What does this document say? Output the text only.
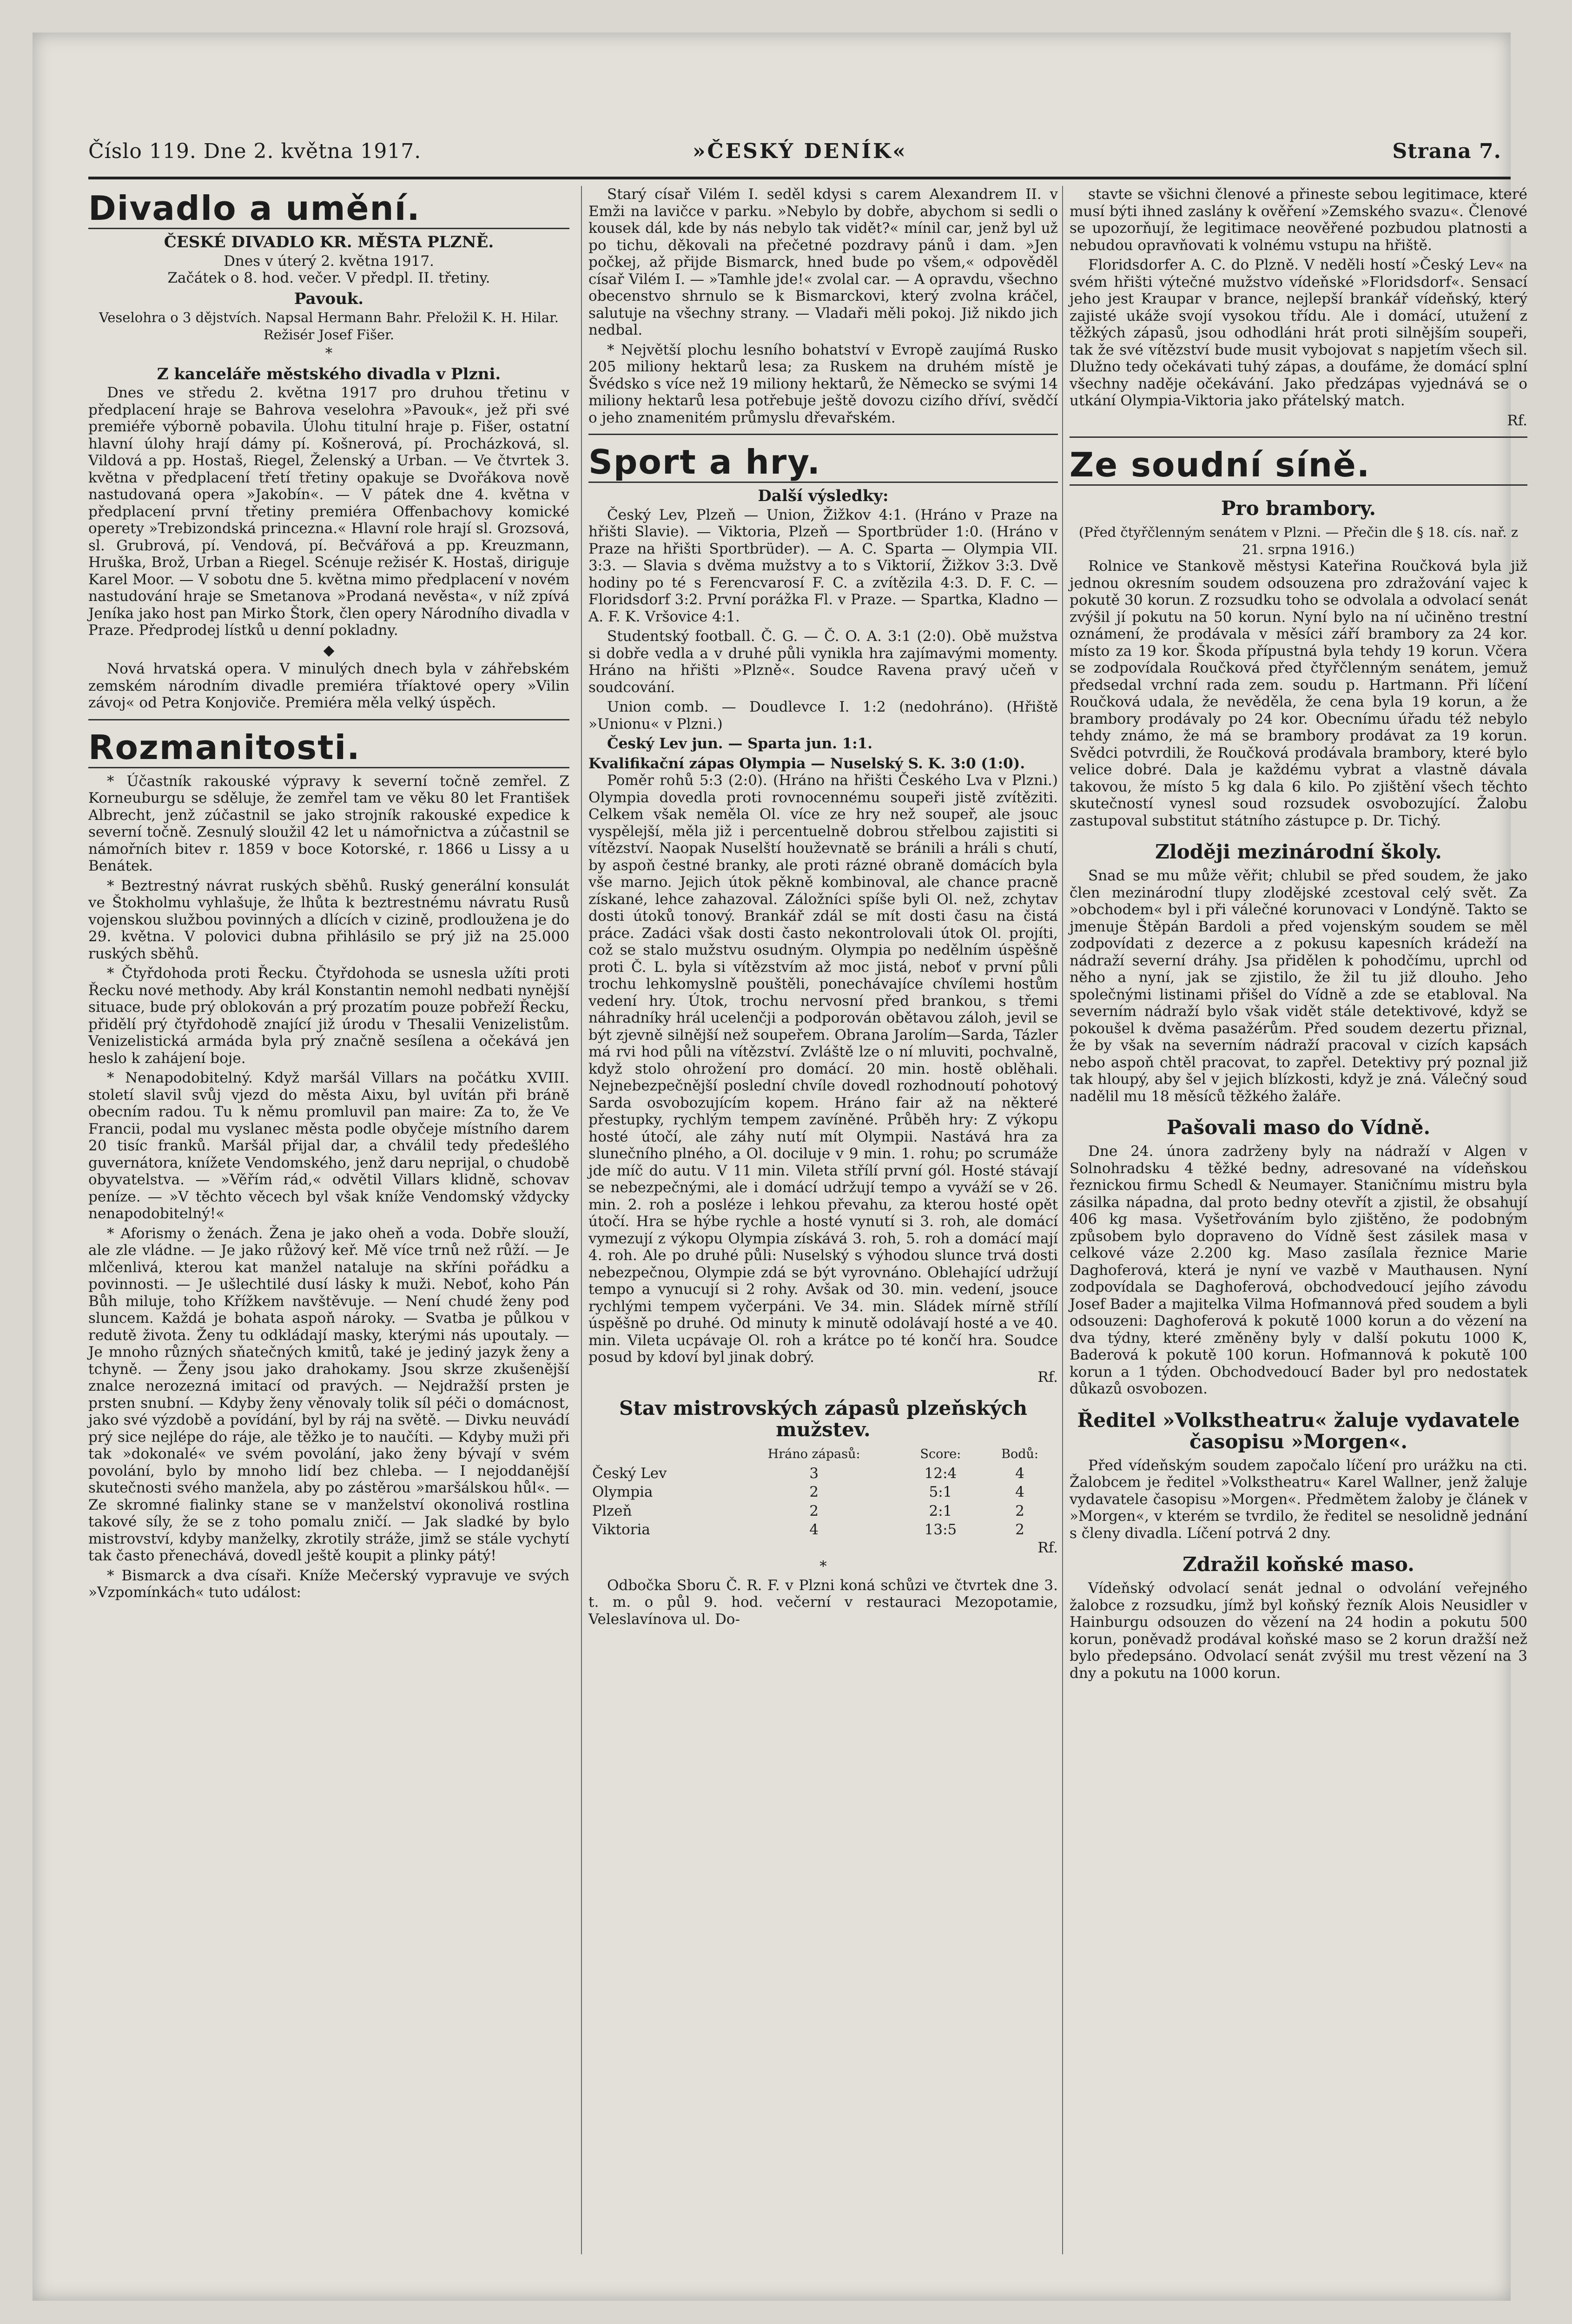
Číslo 119. Dne 2. května 1917.	»ČESKÝ DENÍK«	Strana 7.
Divadlo a umění.
ČESKÉ DIVADLO KR. MĚSTA PLZNĚ.
Dnes v úterý 2. května 1917.
Začátek o 8. hod. večer. V předpl. II. třetiny.
Pavouk.
Veselohra o 3 dějstvích. Napsal Hermann Bahr. Přeložil K. H. Hilar. Režisér Josef Fišer.
*
Z kanceláře městského divadla v Plzni.

Dnes ve středu 2. května 1917 pro druhou třetinu v předplacení hraje se Bahrova veselohra »Pavouk«, jež při své premiéře výborně pobavila. Úlohu titulní hraje p. Fišer, ostatní hlavní úlohy hrají dámy pí. Košnerová, pí. Procházková, sl. Vildová a pp. Hostaš, Riegel, Želenský a Urban. — Ve čtvrtek 3. května v předplacení třetí třetiny opakuje se Dvořákova nově nastudovaná opera »Jakobín«. — V pátek dne 4. května v předplacení první třetiny premiéra Offenbachovy komické operety »Trebizondská princezna.« Hlavní role hrají sl. Grozsová, sl. Grubrová, pí. Vendová, pí. Bečvářová a pp. Kreuzmann, Hruška, Brož, Urban a Riegel. Scénuje režisér K. Hostaš, diriguje Karel Moor. — V sobotu dne 5. května mimo předplacení v novém nastudování hraje se Smetanova »Prodaná nevěsta«, v níž zpívá Jeníka jako host pan Mirko Štork, člen opery Národního divadla v Praze. Předprodej lístků u denní pokladny.

◆

Nová hrvatská opera. V minulých dnech byla v záhřebském zemském národním divadle premiéra tříaktové opery »Vilin závoj« od Petra Konjoviče. Premiéra měla velký úspěch.

Rozmanitosti.

* Účastník rakouské výpravy k severní točně zemřel. Z Korneuburgu se sděluje, že zemřel tam ve věku 80 let František Albrecht, jenž zúčastnil se jako strojník rakouské expedice k severní točně. Zesnulý sloužil 42 let u námořnictva a zúčastnil se námořních bitev r. 1859 v boce Kotorské, r. 1866 u Lissy a u Benátek.

* Beztrestný návrat ruských sběhů. Ruský generální konsulát ve Štokholmu vyhlašuje, že lhůta k beztrestnému návratu Rusů vojenskou službou povinných a dlících v cizině, prodloužena je do 29. května. V polovici dubna přihlásilo se prý již na 25.000 ruských sběhů.

* Čtyřdohoda proti Řecku. Čtyřdohoda se usnesla užíti proti Řecku nové methody. Aby král Konstantin nemohl nedbati nynější situace, bude prý oblokován a prý prozatím pouze pobřeží Řecku, přidělí prý čtyřdohodě znající již úrodu v Thesalii Venizelistům. Venizelistická armáda byla prý značně sesílena a očekává jen heslo k zahájení boje.

* Nenapodobitelný. Když maršál Villars na počátku XVIII. století slavil svůj vjezd do města Aixu, byl uvítán při bráně obecním radou. Tu k němu promluvil pan maire: Za to, že Ve Francii, podal mu vyslanec města podle obyčeje místního darem 20 tisíc franků. Maršál přijal dar, a chválil tedy předešlého guvernátora, knížete Vendomského, jenž daru neprijal, o chudobě obyvatelstva. — »Věřím rád,« odvětil Villars klidně, schovav peníze. — »V těchto věcech byl však kníže Vendomský vždycky nenapodobitelný!«

* Aforismy o ženách. Žena je jako oheň a voda. Dobře slouží, ale zle vládne. — Je jako růžový keř. Mě více trnů než růží. — Je mlčenlivá, kterou kat manžel nataluje na skříni pořádku a povinnosti. — Je ušlechtilé dusí lásky k muži. Neboť, koho Pán Bůh miluje, toho Křížkem navštěvuje. — Není chudé ženy pod sluncem. Každá je bohata aspoň nároky. — Svatba je půlkou v redutě života. Ženy tu odkládají masky, kterými nás upoutaly. — Je mnoho různých sňatečných kmitů, také je jediný jazyk ženy a tchyně. — Ženy jsou jako drahokamy. Jsou skrze zkušenější znalce nerozezná imitací od pravých. — Nejdražší prsten je prsten snubní. — Kdyby ženy věnovaly tolik síl péči o domácnost, jako své výzdobě a povídání, byl by ráj na světě. — Divku neuvádí prý sice nejlépe do ráje, ale těžko je to naučíti. — Kdyby muži při tak »dokonalé« ve svém povolání, jako ženy bývají v svém povolání, bylo by mnoho lidí bez chleba. — I nejoddanější skutečnosti svého manžela, aby po zástěrou »maršálskou hůl«. — Ze skromné fialinky stane se v manželství okonolivá rostlina takové síly, že se z toho pomalu zničí. — Jak sladké by bylo mistrovství, kdyby manželky, zkrotily stráže, jimž se stále vychytí tak často přenechává, dovedl ještě koupit a plinky pátý!

* Bismarck a dva císaři. Kníže Mečerský vypravuje ve svých »Vzpomínkách« tuto událost:

Starý císař Vilém I. seděl kdysi s carem Alexandrem II. v Emži na lavičce v parku. »Nebylo by dobře, abychom si sedli o kousek dál, kde by nás nebylo tak vidět?« mínil car, jenž byl už po tichu, děkovali na přečetné pozdravy pánů i dam. »Jen počkej, až přijde Bismarck, hned bude po všem,« odpověděl císař Vilém I. — »Tamhle jde!« zvolal car. — A opravdu, všechno obecenstvo shrnulo se k Bismarckovi, který zvolna kráčel, salutuje na všechny strany. — Vladaři měli pokoj. Již nikdo jich nedbal.

* Největší plochu lesního bohatství v Evropě zaujímá Rusko 205 miliony hektarů lesa; za Ruskem na druhém místě je Švédsko s více než 19 miliony hektarů, že Německo se svými 14 miliony hektarů lesa potřebuje ještě dovozu cizího dříví, svědčí o jeho znamenitém průmyslu dřevařském.

Sport a hry.
Další výsledky:

Český Lev, Plzeň — Union, Žižkov 4:1. (Hráno v Praze na hřišti Slavie). — Viktoria, Plzeň — Sportbrüder 1:0. (Hráno v Praze na hřišti Sportbrüder). — A. C. Sparta — Olympia VII. 3:3. — Slavia s dvěma mužstvy a to s Viktorií, Žižkov 3:3. Dvě hodiny po té s Ferencvarosí F. C. a zvítězila 4:3. D. F. C. — Floridsdorf 3:2. První porážka Fl. v Praze. — Spartka, Kladno — A. F. K. Vršovice 4:1.

Studentský football. Č. G. — Č. O. A. 3:1 (2:0). Obě mužstva si dobře vedla a v druhé půli vynikla hra zajímavými momenty. Hráno na hřišti »Plzně«. Soudce Ravena pravý učeň v soudcování.

Union comb. — Doudlevce I. 1:2 (nedohráno). (Hřiště »Unionu« v Plzni.)

Český Lev jun. — Sparta jun. 1:1.

Kvalifikační zápas Olympia — Nuselský S. K. 3:0 (1:0).

Poměr rohů 5:3 (2:0). (Hráno na hřišti Českého Lva v Plzni.) Olympia dovedla proti rovnocennému soupeři jistě zvítěziti. Celkem však neměla Ol. více ze hry než soupeř, ale jsouc vyspělejší, měla již i percentuelně dobrou střelbou zajistiti si vítězství. Naopak Nuselští houževnatě se bránili a hráli s chutí, by aspoň čestné branky, ale proti rázné obraně domácích byla vše marno. Jejich útok pěkně kombinoval, ale chance pracně získané, lehce zahazoval. Záložníci spíše byli Ol. než, zchytav dosti útoků tonový. Brankář zdál se mít dosti času na čistá práce. Zadáci však dosti často nekontrolovali útok Ol. projíti, což se stalo mužstvu osudným. Olympia po nedělním úspěšně proti Č. L. byla si vítězstvím až moc jistá, neboť v první půli trochu lehkomyslně pouštěli, ponechávajíce chvílemi hostům vedení hry. Útok, trochu nervosní před brankou, s třemi náhradníky hrál ucelenčji a podporován obětavou záloh, jevil se být zjevně silnější než soupeřem. Obrana Jarolím—Sarda, Tázler má rvi hod půli na vítězství. Zvláště lze o ní mluviti, pochvalně, když stolo ohrožení pro domácí. 20 min. hostě oblěhali. Nejnebezpečnější poslední chvíle dovedl rozhodnoutí pohotový Sarda osvobozujícím kopem. Hráno fair až na některé přestupky, rychlým tempem zavíněné. Průběh hry: Z výkopu hosté útočí, ale záhy nutí mít Olympii. Nastává hra za slunečního plného, a Ol. dociluje v 9 min. 1. rohu; po scrumáže jde míč do autu. V 11 min. Vileta střílí první gól. Hosté stávají se nebezpečnými, ale i domácí udržují tempo a vyváží se v 26. min. 2. roh a posléze i lehkou převahu, za kterou hosté opět útočí. Hra se hýbe rychle a hosté vynutí si 3. roh, ale domácí vymezují z výkopu Olympia získává 3. roh, 5. roh a domácí mají 4. roh. Ale po druhé půli: Nuselský s výhodou slunce trvá dosti nebezpečnou, Olympie zdá se být vyrovnáno. Oblehající udržují tempo a vynucují si 2 rohy. Avšak od 30. min. vedení, jsouce rychlými tempem vyčerpáni. Ve 34. min. Sládek mírně střílí úspěšně po druhé. Od minuty k minutě odolávají hosté a ve 40. min. Vileta ucpávaje Ol. roh a krátce po té končí hra. Soudce posud by kdoví byl jinak dobrý.

Rf.
Stav mistrovských zápasů plzeňských mužstev.
	Hráno zápasů:	Score:	Bodů:
Český Lev	3	12:4	4
Olympia	2	5:1	4
Plzeň	2	2:1	2
Viktoria	4	13:5	2
Rf.
*

Odbočka Sboru Č. R. F. v Plzni koná schůzi ve čtvrtek dne 3. t. m. o půl 9. hod. večerní v restauraci Mezopotamie, Veleslavínova ul. Do-

stavte se všichni členové a přineste sebou legitimace, které musí býti ihned zaslány k ověření »Zemského svazu«. Členové se upozorňují, že legitimace neověřené pozbudou platnosti a nebudou opravňovati k volnému vstupu na hřiště.

Floridsdorfer A. C. do Plzně. V neděli hostí »Český Lev« na svém hřišti výtečné mužstvo vídeňské »Floridsdorf«. Sensací jeho jest Kraupar v brance, nejlepší brankář vídeňský, který zajisté ukáže svojí vysokou třídu. Ale i domácí, utužení z těžkých zápasů, jsou odhodláni hrát proti silnějším soupeři, tak že své vítězství bude musit vybojovat s napjetím všech sil. Dlužno tedy očekávati tuhý zápas, a doufáme, že domácí splní všechny naděje očekávání. Jako předzápas vyjednává se o utkání Olympia-Viktoria jako přátelský match.

Rf.
Ze soudní síně.
Pro brambory.
(Před čtyřčlenným senátem v Plzni. — Přečin dle § 18. cís. nař. z 21. srpna 1916.)

Rolnice ve Stankově městysi Kateřina Roučková byla již jednou okresním soudem odsouzena pro zdražování vajec k pokutě 30 korun. Z rozsudku toho se odvolala a odvolací senát zvýšil jí pokutu na 50 korun. Nyní bylo na ní učiněno trestní oznámení, že prodávala v měsíci září brambory za 24 kor. místo za 19 kor. Škoda přípustná byla tehdy 19 korun. Včera se zodpovídala Roučková před čtyřčlenným senátem, jemuž předsedal vrchní rada zem. soudu p. Hartmann. Při líčení Roučková udala, že nevěděla, že cena byla 19 korun, a že brambory prodávaly po 24 kor. Obecnímu úřadu též nebylo tehdy známo, že má se brambory prodávat za 19 korun. Svědci potvrdili, že Roučková prodávala brambory, které bylo velice dobré. Dala je každému vybrat a vlastně dávala takovou, že místo 5 kg dala 6 kilo. Po zjištění všech těchto skutečností vynesl soud rozsudek osvobozující. Žalobu zastupoval substitut státního zástupce p. Dr. Tichý.

Zloději mezinárodní školy.

Snad se mu může věřit; chlubil se před soudem, že jako člen mezinárodní tlupy zlodějské zcestoval celý svět. Za »obchodem« byl i při válečné korunovaci v Londýně. Takto se jmenuje Štěpán Bardoli a před vojenským soudem se měl zodpovídati z dezerce a z pokusu kapesních krádeží na nádraží severní dráhy. Jsa přidělen k pohodčímu, uprchl od něho a nyní, jak se zjistilo, že žil tu již dlouho. Jeho společnými listinami přišel do Vídně a zde se etabloval. Na severním nádraží bylo však vidět stále detektivové, když se pokoušel k dvěma pasažérům. Před soudem dezertu přiznal, že by však na severním nádraží pracoval v cizích kapsách nebo aspoň chtěl pracovat, to zapřel. Detektivy prý poznal již tak hloupý, aby šel v jejich blízkosti, když je zná. Válečný soud nadělil mu 18 měsíců těžkého žaláře.

Pašovali maso do Vídně.

Dne 24. února zadrženy byly na nádraží v Algen v Solnohradsku 4 těžké bedny, adresované na vídeňskou řeznickou firmu Schedl & Neumayer. Staničnímu mistru byla zásilka nápadna, dal proto bedny otevřít a zjistil, že obsahují 406 kg masa. Vyšetřováním bylo zjištěno, že podobným způsobem bylo dopraveno do Vídně šest zásilek masa v celkové váze 2.200 kg. Maso zasílala řeznice Marie Daghoferová, která je nyní ve vazbě v Mauthausen. Nyní zodpovídala se Daghoferová, obchodvedoucí jejího závodu Josef Bader a majitelka Vilma Hofmannová před soudem a byli odsouzeni: Daghoferová k pokutě 1000 korun a do vězení na dva týdny, které změněny byly v další pokutu 1000 K, Baderová k pokutě 100 korun. Hofmannová k pokutě 100 korun a 1 týden. Obchodvedoucí Bader byl pro nedostatek důkazů osvobozen.

Ředitel »Volkstheatru« žaluje vydavatele časopisu »Morgen«.

Před vídeňským soudem započalo líčení pro urážku na cti. Žalobcem je ředitel »Volkstheatru« Karel Wallner, jenž žaluje vydavatele časopisu »Morgen«. Předmětem žaloby je článek v »Morgen«, v kterém se tvrdilo, že ředitel se nesolidně jednání s členy divadla. Líčení potrvá 2 dny.

Zdražil koňské maso.

Vídeňský odvolací senát jednal o odvolání veřejného žalobce z rozsudku, jímž byl koňský řezník Alois Neusidler v Hainburgu odsouzen do vězení na 24 hodin a pokutu 500 korun, poněvadž prodával koňské maso se 2 korun dražší než bylo předepsáno. Odvolací senát zvýšil mu trest vězení na 3 dny a pokutu na 1000 korun.
